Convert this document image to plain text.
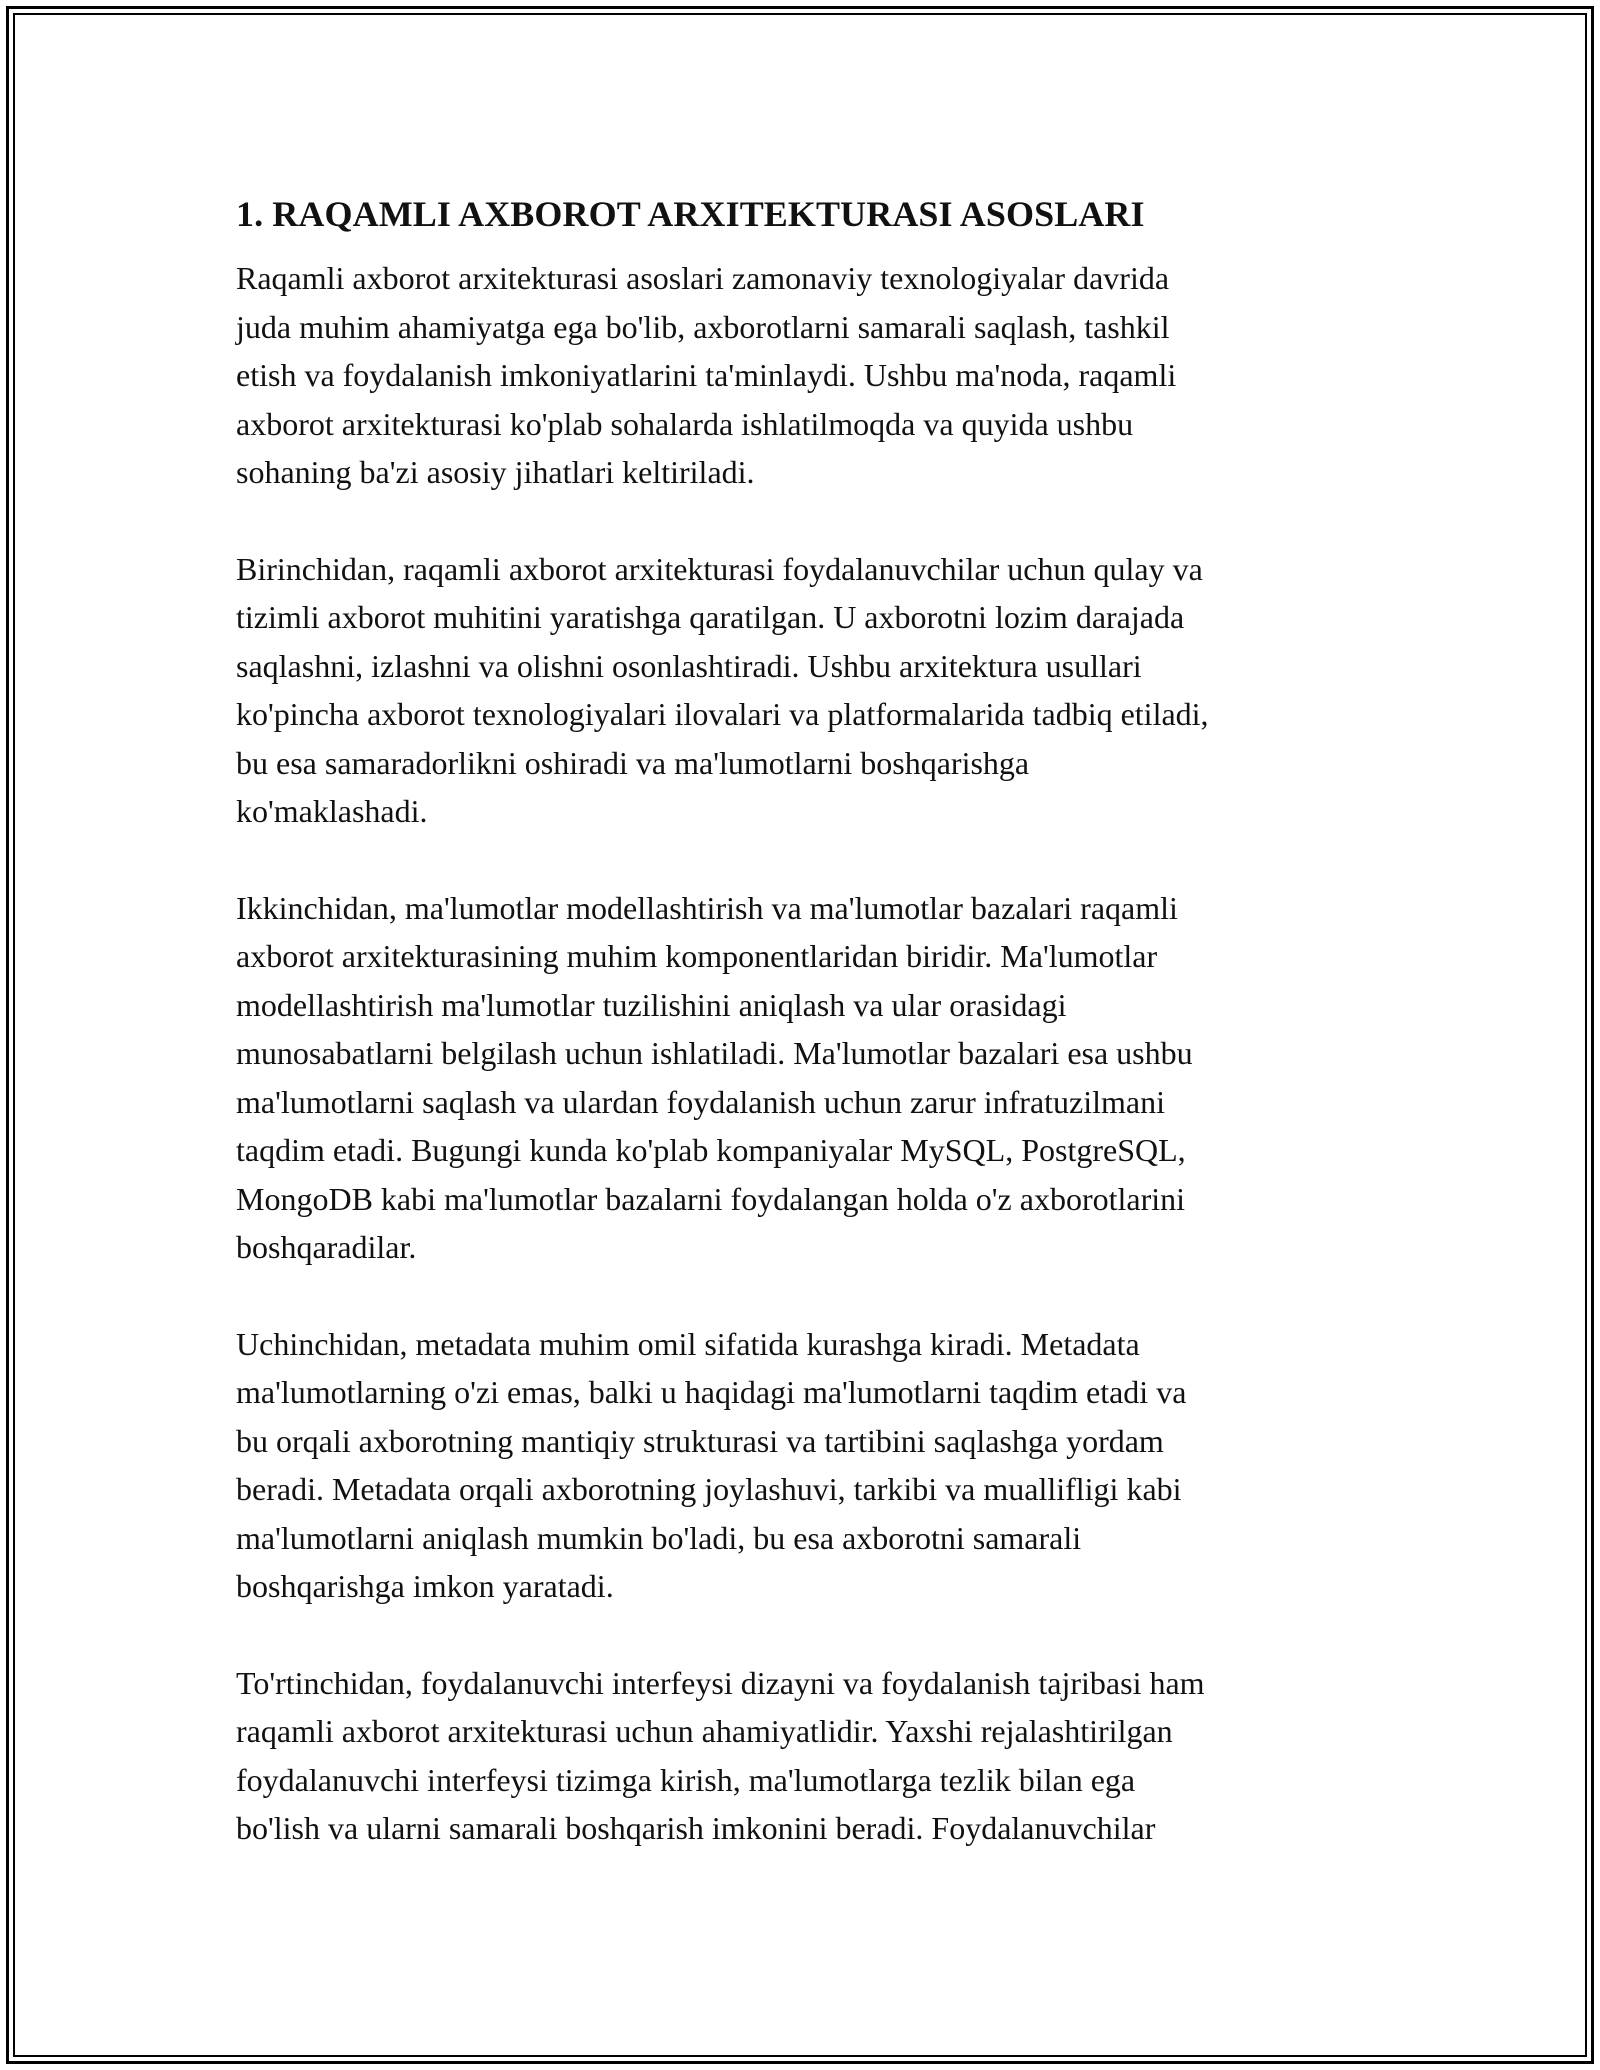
1. RAQAMLI AXBOROT ARXITEKTURASI ASOSLARI

Raqamli axborot arxitekturasi asoslari zamonaviy texnologiyalar davrida
juda muhim ahamiyatga ega bo'lib, axborotlarni samarali saqlash, tashkil
etish va foydalanish imkoniyatlarini ta'minlaydi. Ushbu ma'noda, raqamli
axborot arxitekturasi ko'plab sohalarda ishlatilmoqda va quyida ushbu
sohaning ba'zi asosiy jihatlari keltiriladi.

Birinchidan, raqamli axborot arxitekturasi foydalanuvchilar uchun qulay va
tizimli axborot muhitini yaratishga qaratilgan. U axborotni lozim darajada
saqlashni, izlashni va olishni osonlashtiradi. Ushbu arxitektura usullari
ko'pincha axborot texnologiyalari ilovalari va platformalarida tadbiq etiladi,
bu esa samaradorlikni oshiradi va ma'lumotlarni boshqarishga
ko'maklashadi.

Ikkinchidan, ma'lumotlar modellashtirish va ma'lumotlar bazalari raqamli
axborot arxitekturasining muhim komponentlaridan biridir. Ma'lumotlar
modellashtirish ma'lumotlar tuzilishini aniqlash va ular orasidagi
munosabatlarni belgilash uchun ishlatiladi. Ma'lumotlar bazalari esa ushbu
ma'lumotlarni saqlash va ulardan foydalanish uchun zarur infratuzilmani
taqdim etadi. Bugungi kunda ko'plab kompaniyalar MySQL, PostgreSQL,
MongoDB kabi ma'lumotlar bazalarni foydalangan holda o'z axborotlarini
boshqaradilar.

Uchinchidan, metadata muhim omil sifatida kurashga kiradi. Metadata
ma'lumotlarning o'zi emas, balki u haqidagi ma'lumotlarni taqdim etadi va
bu orqali axborotning mantiqiy strukturasi va tartibini saqlashga yordam
beradi. Metadata orqali axborotning joylashuvi, tarkibi va muallifligi kabi
ma'lumotlarni aniqlash mumkin bo'ladi, bu esa axborotni samarali
boshqarishga imkon yaratadi.

To'rtinchidan, foydalanuvchi interfeysi dizayni va foydalanish tajribasi ham
raqamli axborot arxitekturasi uchun ahamiyatlidir. Yaxshi rejalashtirilgan
foydalanuvchi interfeysi tizimga kirish, ma'lumotlarga tezlik bilan ega
bo'lish va ularni samarali boshqarish imkonini beradi. Foydalanuvchilar
